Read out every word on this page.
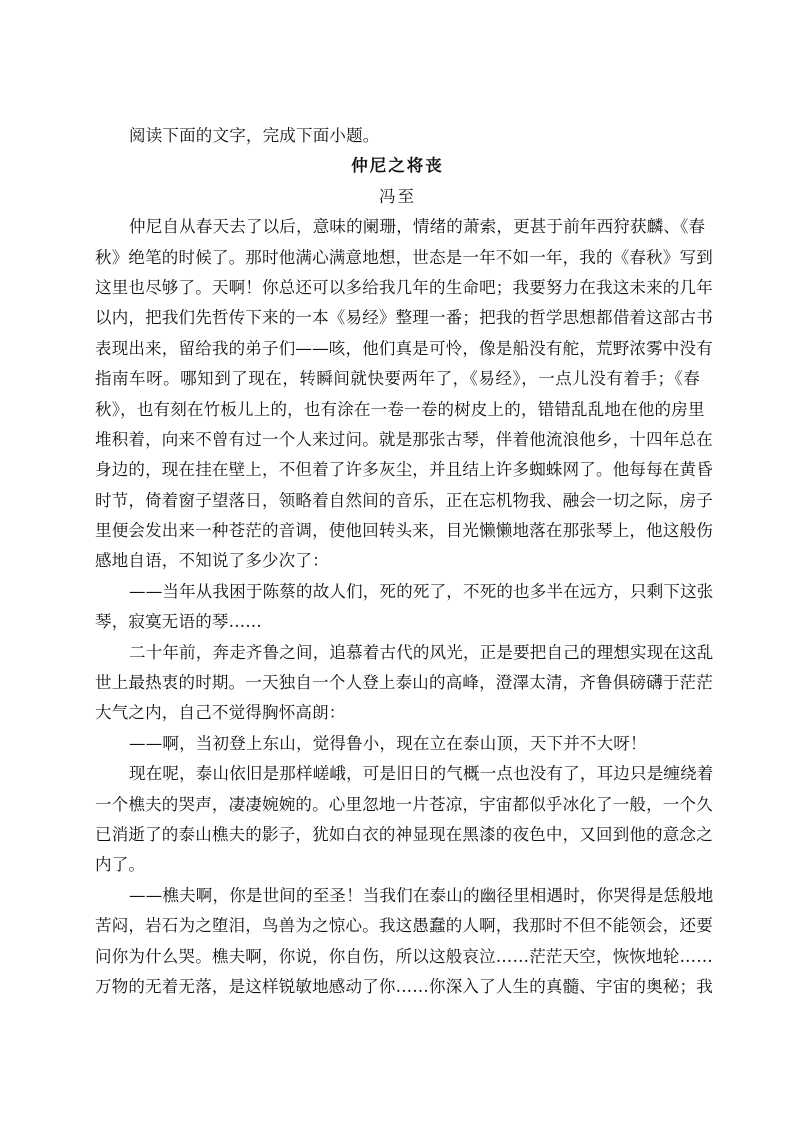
阅读下面的文字，完成下面小题。
仲尼之将丧
冯至
仲尼自从春天去了以后，意味的阑珊，情绪的萧索，更甚于前年西狩获麟、《春
秋》绝笔的时候了。那时他满心满意地想，世态是一年不如一年，我的《春秋》写到
这里也尽够了。天啊！你总还可以多给我几年的生命吧；我要努力在我这未来的几年
以内，把我们先哲传下来的一本《易经》整理一番；把我的哲学思想都借着这部古书
表现出来，留给我的弟子们——咳，他们真是可怜，像是船没有舵，荒野浓雾中没有
指南车呀。哪知到了现在，转瞬间就快要两年了，《易经》，一点儿没有着手；《春
秋》，也有刻在竹板儿上的，也有涂在一卷一卷的树皮上的，错错乱乱地在他的房里
堆积着，向来不曾有过一个人来过问。就是那张古琴，伴着他流浪他乡，十四年总在
身边的，现在挂在壁上，不但着了许多灰尘，并且结上许多蜘蛛网了。他每每在黄昏
时节，倚着窗子望落日，领略着自然间的音乐，正在忘机物我、融会一切之际，房子
里便会发出来一种苍茫的音调，使他回转头来，目光懒懒地落在那张琴上，他这般伤
感地自语，不知说了多少次了：
——当年从我困于陈蔡的故人们，死的死了，不死的也多半在远方，只剩下这张
琴，寂寞无语的琴……
二十年前，奔走齐鲁之间，追慕着古代的风光，正是要把自己的理想实现在这乱
世上最热衷的时期。一天独自一个人登上泰山的高峰，澄澤太清，齐鲁俱磅礴于茫茫
大气之内，自己不觉得胸怀高朗：
——啊，当初登上东山，觉得鲁小，现在立在泰山顶，天下并不大呀！
现在呢，泰山依旧是那样嵯峨，可是旧日的气概一点也没有了，耳边只是缠绕着
一个樵夫的哭声，凄凄婉婉的。心里忽地一片苍凉，宇宙都似乎冰化了一般，一个久
已消逝了的泰山樵夫的影子，犹如白衣的神显现在黑漆的夜色中，又回到他的意念之
内了。
——樵夫啊，你是世间的至圣！当我们在泰山的幽径里相遇时，你哭得是恁般地
苦闷，岩石为之堕泪，鸟兽为之惊心。我这愚蠢的人啊，我那时不但不能领会，还要
问你为什么哭。樵夫啊，你说，你自伤，所以这般哀泣……茫茫天空，恢恢地轮……
万物的无着无落，是这样锐敏地感动了你……你深入了人生的真髓、宇宙的奥秘；我
